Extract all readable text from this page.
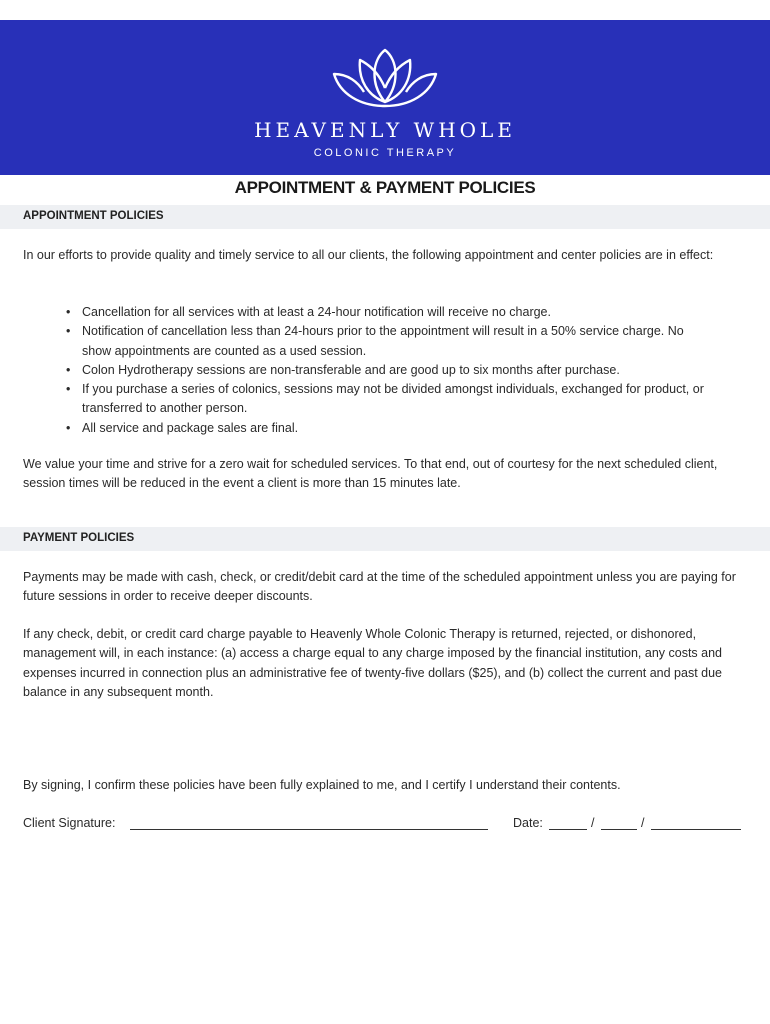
HEAVENLY WHOLE
COLONIC THERAPY
APPOINTMENT & PAYMENT POLICIES
APPOINTMENT POLICIES
In our efforts to provide quality and timely service to all our clients, the following appointment and center policies are in effect:
• Cancellation for all services with at least a 24-hour notification will receive no charge.
• Notification of cancellation less than 24-hours prior to the appointment will result in a 50% service charge. No show appointments are counted as a used session.
• Colon Hydrotherapy sessions are non-transferable and are good up to six months after purchase.
• If you purchase a series of colonics, sessions may not be divided amongst individuals, exchanged for product, or transferred to another person.
• All service and package sales are final.
We value your time and strive for a zero wait for scheduled services. To that end, out of courtesy for the next scheduled client, session times will be reduced in the event a client is more than 15 minutes late.
PAYMENT POLICIES
Payments may be made with cash, check, or credit/debit card at the time of the scheduled appointment unless you are paying for future sessions in order to receive deeper discounts.
If any check, debit, or credit card charge payable to Heavenly Whole Colonic Therapy is returned, rejected, or dishonored, management will, in each instance: (a) access a charge equal to any charge imposed by the financial institution, any costs and expenses incurred in connection plus an administrative fee of twenty-five dollars ($25), and (b) collect the current and past due balance in any subsequent month.
By signing, I confirm these policies have been fully explained to me, and I certify I understand their contents.
Client Signature:	Date:	/	/
